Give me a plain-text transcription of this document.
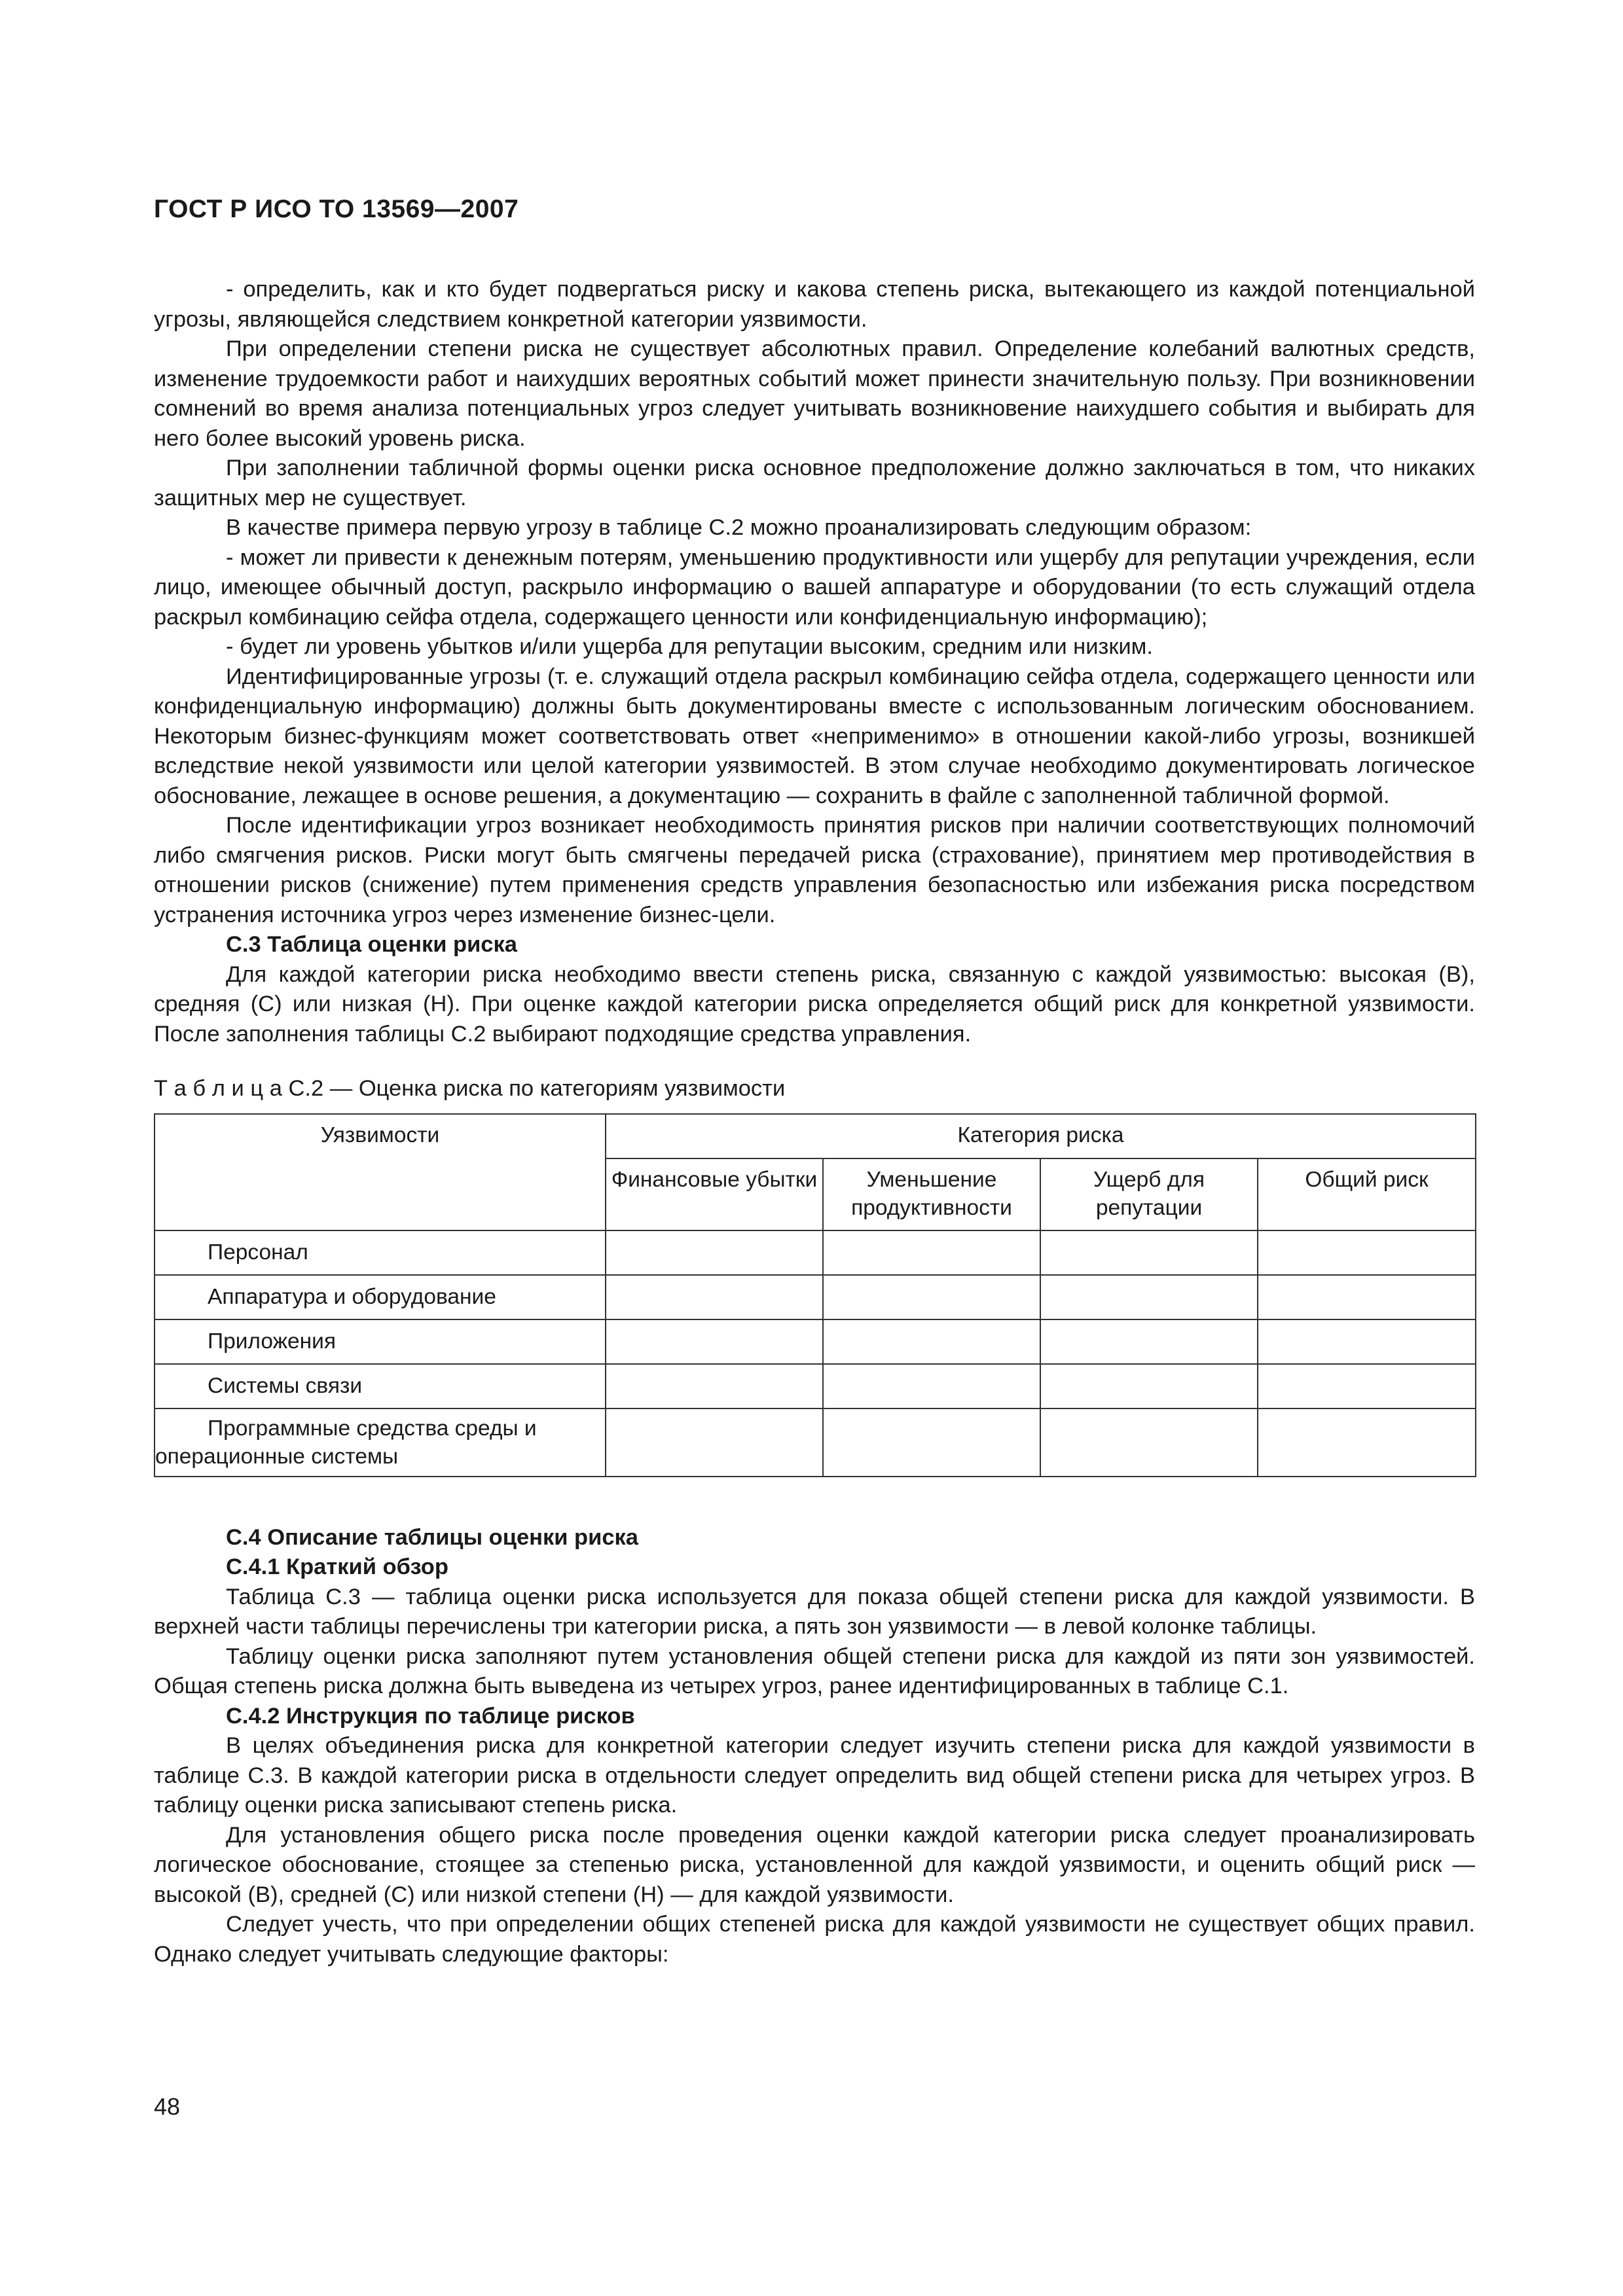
ГОСТ Р ИСО ТО 13569—2007

- определить, как и кто будет подвергаться риску и какова степень риска, вытекающего из каждой потенциальной угрозы, являющейся следствием конкретной категории уязвимости.

При определении степени риска не существует абсолютных правил. Определение колебаний валютных средств, изменение трудоемкости работ и наихудших вероятных событий может принести значительную пользу. При возникновении сомнений во время анализа потенциальных угроз следует учитывать возникновение наихудшего события и выбирать для него более высокий уровень риска.

При заполнении табличной формы оценки риска основное предположение должно заключаться в том, что никаких защитных мер не существует.

В качестве примера первую угрозу в таблице С.2 можно проанализировать следующим образом:

- может ли привести к денежным потерям, уменьшению продуктивности или ущербу для репутации учреждения, если лицо, имеющее обычный доступ, раскрыло информацию о вашей аппаратуре и оборудовании (то есть служащий отдела раскрыл комбинацию сейфа отдела, содержащего ценности или конфиденциальную информацию);

- будет ли уровень убытков и/или ущерба для репутации высоким, средним или низким.

Идентифицированные угрозы (т. е. служащий отдела раскрыл комбинацию сейфа отдела, содержащего ценности или конфиденциальную информацию) должны быть документированы вместе с использованным логическим обоснованием. Некоторым бизнес-функциям может соответствовать ответ «неприменимо» в отношении какой-либо угрозы, возникшей вследствие некой уязвимости или целой категории уязвимостей. В этом случае необходимо документировать логическое обоснование, лежащее в основе решения, а документацию — сохранить в файле с заполненной табличной формой.

После идентификации угроз возникает необходимость принятия рисков при наличии соответствующих полномочий либо смягчения рисков. Риски могут быть смягчены передачей риска (страхование), принятием мер противодействия в отношении рисков (снижение) путем применения средств управления безопасностью или избежания риска посредством устранения источника угроз через изменение бизнес-цели.

С.3 Таблица оценки риска

Для каждой категории риска необходимо ввести степень риска, связанную с каждой уязвимостью: высокая (В), средняя (С) или низкая (Н). При оценке каждой категории риска определяется общий риск для конкретной уязвимости. После заполнения таблицы С.2 выбирают подходящие средства управления.

Т а б л и ц а С.2 — Оценка риска по категориям уязвимости

Уязвимости	Категория риска			
	Финансовые убытки	Уменьшение продуктивности	Ущерб для репутации	Общий риск
Персонал				
Аппаратура и оборудование				
Приложения				
Системы связи				

Программные средства среды и
операционные системы				

С.4 Описание таблицы оценки риска

С.4.1 Краткий обзор

Таблица С.3 — таблица оценки риска используется для показа общей степени риска для каждой уязвимости. В верхней части таблицы перечислены три категории риска, а пять зон уязвимости — в левой колонке таблицы.

Таблицу оценки риска заполняют путем установления общей степени риска для каждой из пяти зон уязвимостей. Общая степень риска должна быть выведена из четырех угроз, ранее идентифицированных в таблице С.1.

С.4.2 Инструкция по таблице рисков

В целях объединения риска для конкретной категории следует изучить степени риска для каждой уязвимости в таблице С.3. В каждой категории риска в отдельности следует определить вид общей степени риска для четырех угроз. В таблицу оценки риска записывают степень риска.

Для установления общего риска после проведения оценки каждой категории риска следует проанализировать логическое обоснование, стоящее за степенью риска, установленной для каждой уязвимости, и оценить общий риск — высокой (В), средней (С) или низкой степени (Н) — для каждой уязвимости.

Следует учесть, что при определении общих степеней риска для каждой уязвимости не существует общих правил. Однако следует учитывать следующие факторы:

48
